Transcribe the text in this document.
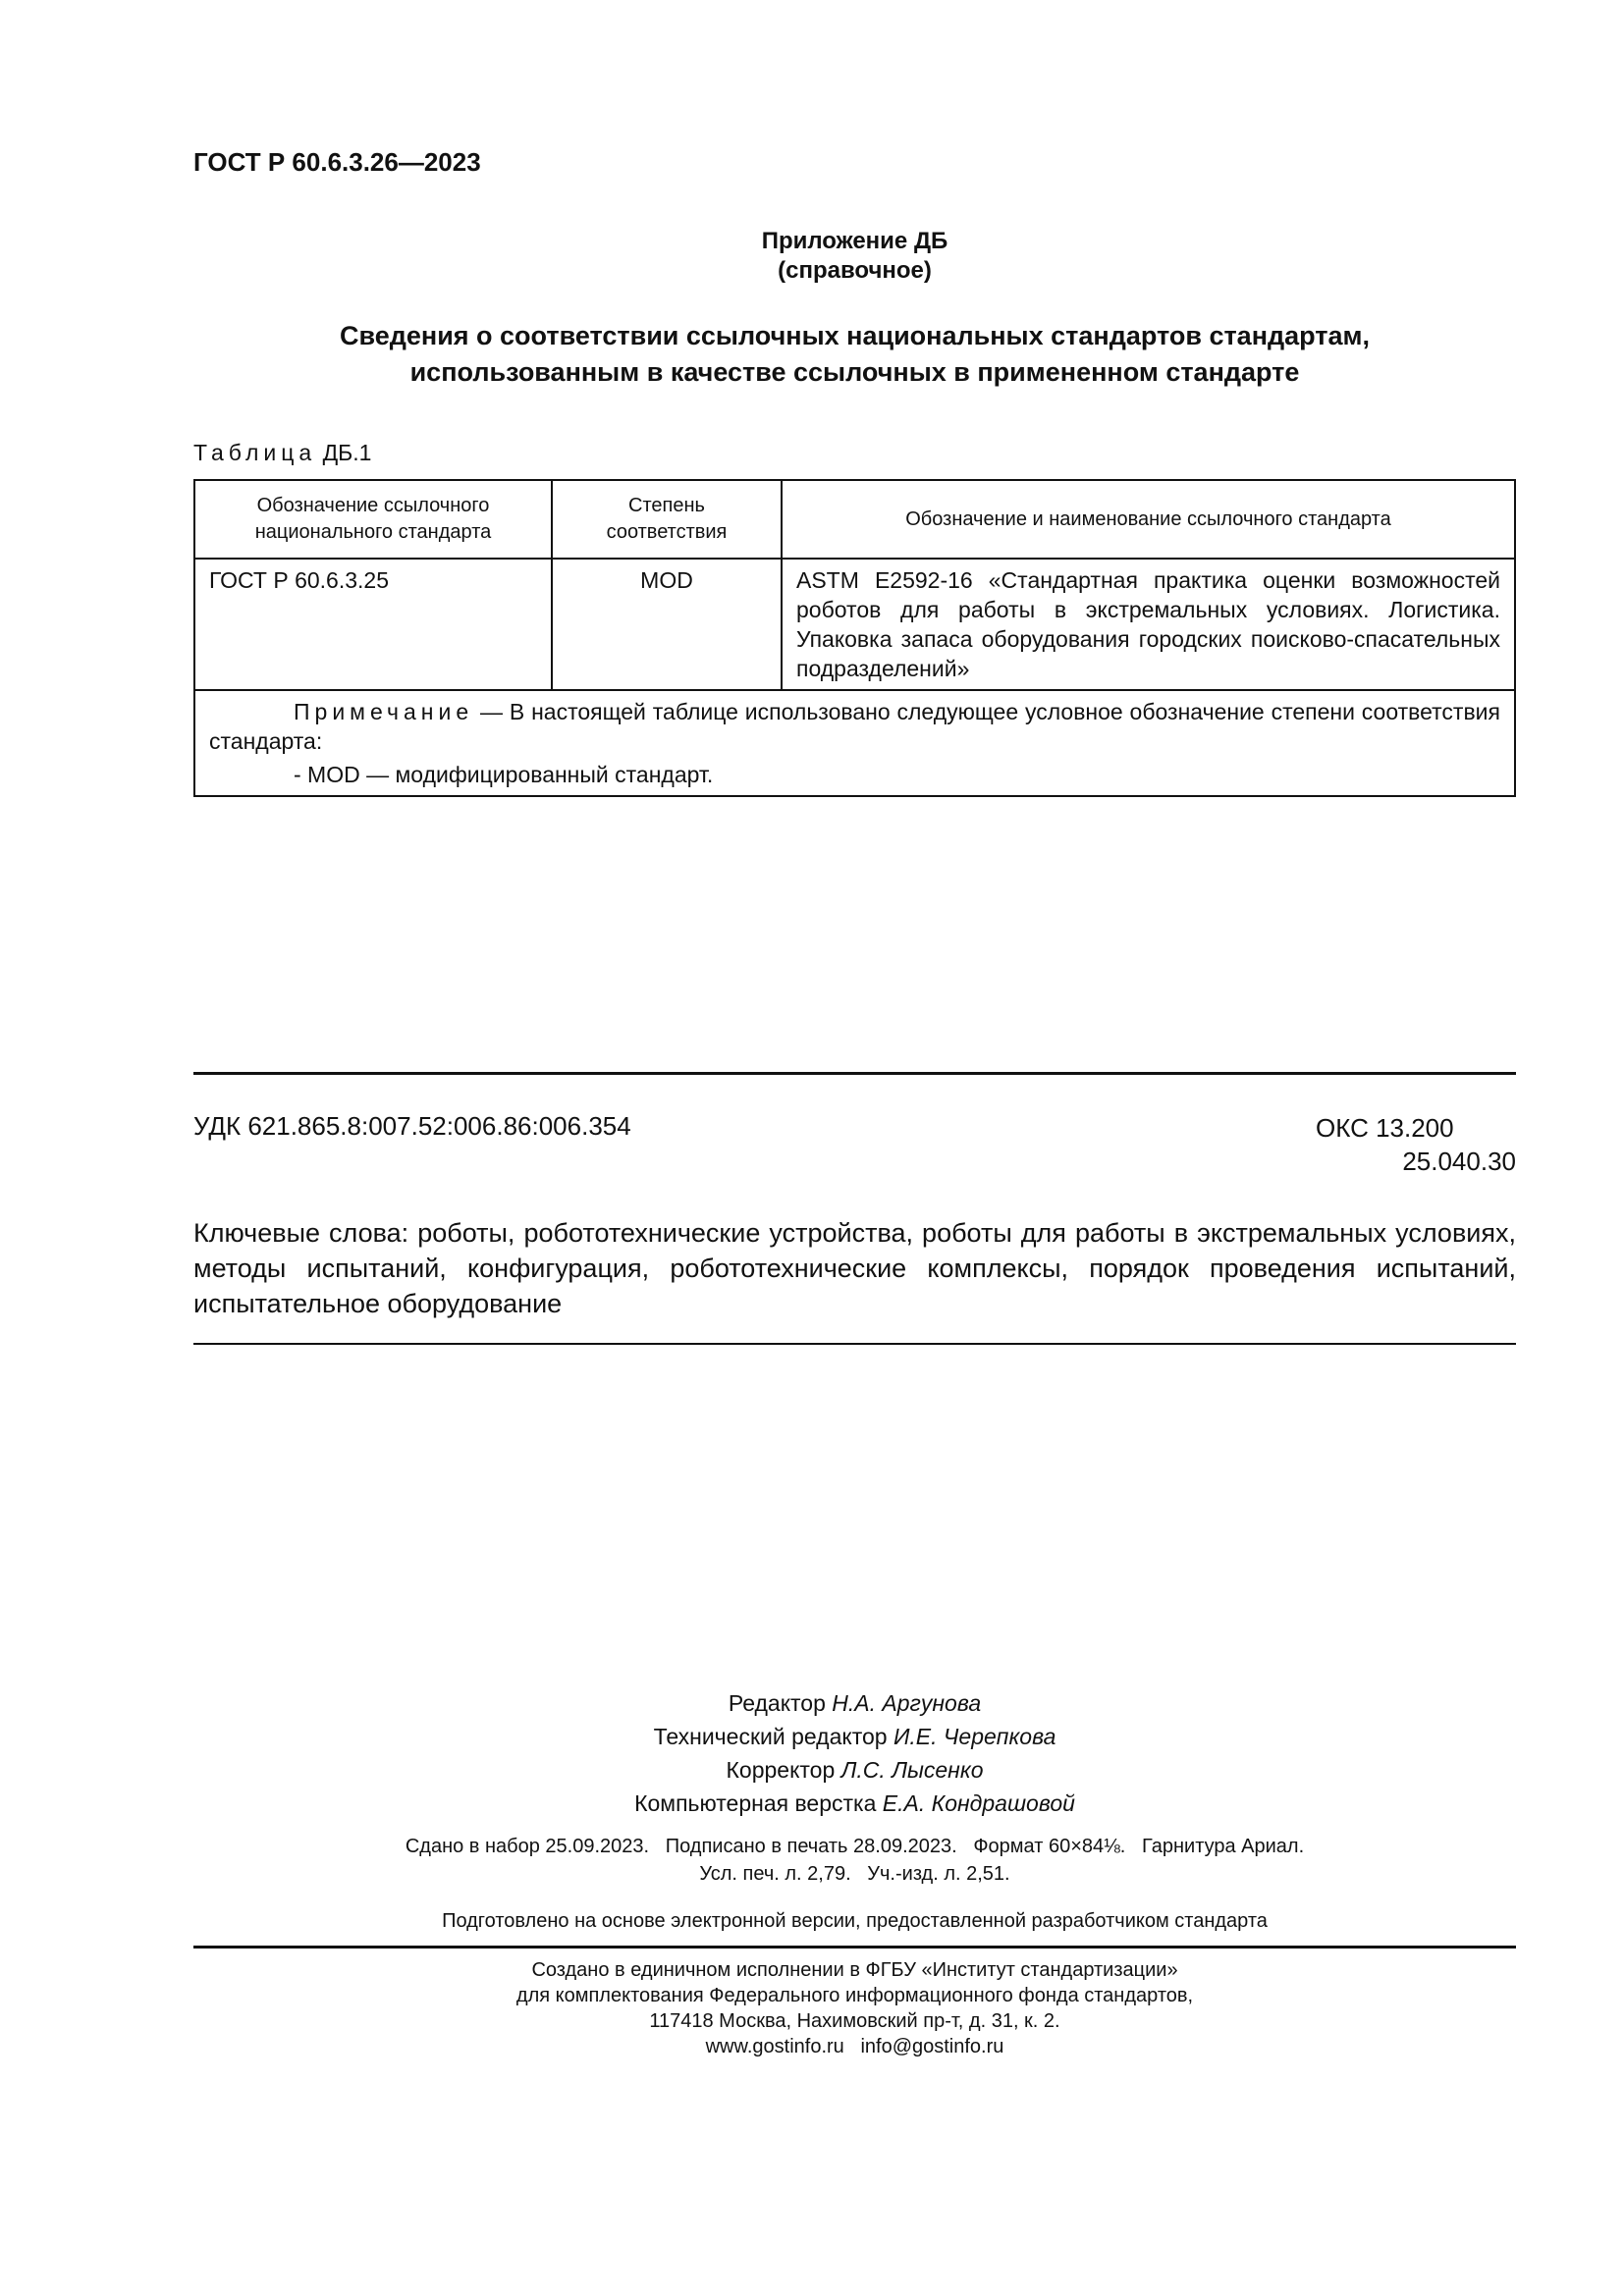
ГОСТ Р 60.6.3.26—2023
Приложение ДБ
(справочное)
Сведения о соответствии ссылочных национальных стандартов стандартам,
использованным в качестве ссылочных в примененном стандарте
Таблица ДБ.1
Обозначение ссылочного национального стандарта	Степень соответствия	Обозначение и наименование ссылочного стандарта
ГОСТ Р 60.6.3.25	MOD	ASTM E2592-16 «Стандартная практика оценки возможностей роботов для работы в экстремальных условиях. Логистика. Упаковка запаса оборудования городских поисково-спасательных подразделений»

Примечание — В настоящей таблице использовано следующее условное обозначение степени соответствия стандарта:
- MOD — модифицированный стандарт.		
УДК 621.865.8:007.52:006.86:006.354	ОКС 13.200
25.040.30
Ключевые слова: роботы, робототехнические устройства, роботы для работы в экстремальных условиях, методы испытаний, конфигурация, робототехнические комплексы, порядок проведения испытаний, испытательное оборудование
Редактор Н.А. Аргунова
Технический редактор И.Е. Черепкова
Корректор Л.С. Лысенко
Компьютерная верстка Е.А. Кондрашовой
Сдано в набор 25.09.2023.   Подписано в печать 28.09.2023.   Формат 60×84⅛.   Гарнитура Ариал.
Усл. печ. л. 2,79.   Уч.-изд. л. 2,51.
Подготовлено на основе электронной версии, предоставленной разработчиком стандарта
Создано в единичном исполнении в ФГБУ «Институт стандартизации»
для комплектования Федерального информационного фонда стандартов,
117418 Москва, Нахимовский пр-т, д. 31, к. 2.
www.gostinfo.ru   info@gostinfo.ru
